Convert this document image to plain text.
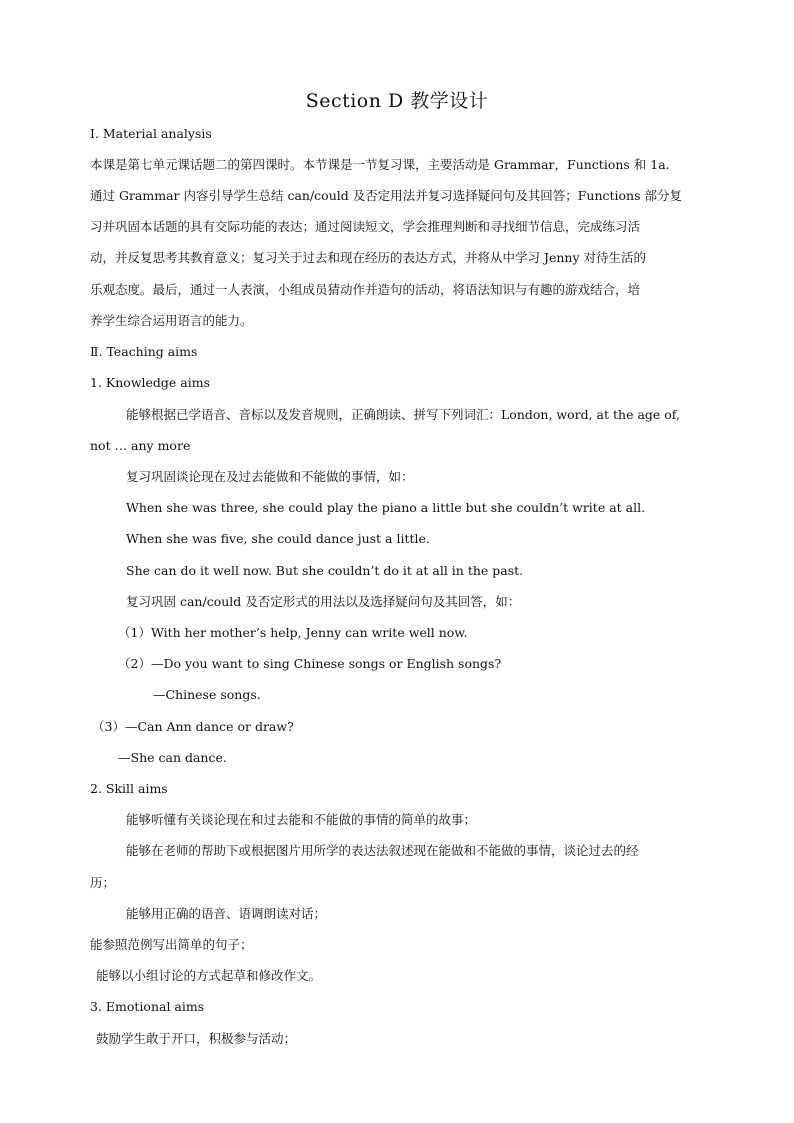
Section D 教学设计

Ⅰ. Material analysis

本课是第七单元课话题二的第四课时。本节课是一节复习课，主要活动是 Grammar，Functions 和 1a.

通过 Grammar 内容引导学生总结 can/could 及否定用法并复习选择疑问句及其回答；Functions 部分复

习并巩固本话题的具有交际功能的表达；通过阅读短文，学会推理判断和寻找细节信息，完成练习活

动，并反复思考其教育意义；复习关于过去和现在经历的表达方式，并将从中学习 Jenny 对待生活的

乐观态度。最后，通过一人表演，小组成员猜动作并造句的活动，将语法知识与有趣的游戏结合，培

养学生综合运用语言的能力。

Ⅱ. Teaching aims

1. Knowledge aims

能够根据已学语音、音标以及发音规则，正确朗读、拼写下列词汇：London, word, at the age of,

not … any more

复习巩固谈论现在及过去能做和不能做的事情，如：

When she was three, she could play the piano a little but she couldn’t write at all.

When she was five, she could dance just a little.

She can do it well now. But she couldn’t do it at all in the past.

复习巩固 can/could 及否定形式的用法以及选择疑问句及其回答，如：

（1）With her mother’s help, Jenny can write well now.

（2）—Do you want to sing Chinese songs or English songs?

—Chinese songs.

（3）—Can Ann dance or draw?

—She can dance.

2. Skill aims

能够听懂有关谈论现在和过去能和不能做的事情的简单的故事；

能够在老师的帮助下或根据图片用所学的表达法叙述现在能做和不能做的事情，谈论过去的经

历；

能够用正确的语音、语调朗读对话；

能参照范例写出简单的句子；

能够以小组讨论的方式起草和修改作文。

3. Emotional aims

鼓励学生敢于开口，积极参与活动；
